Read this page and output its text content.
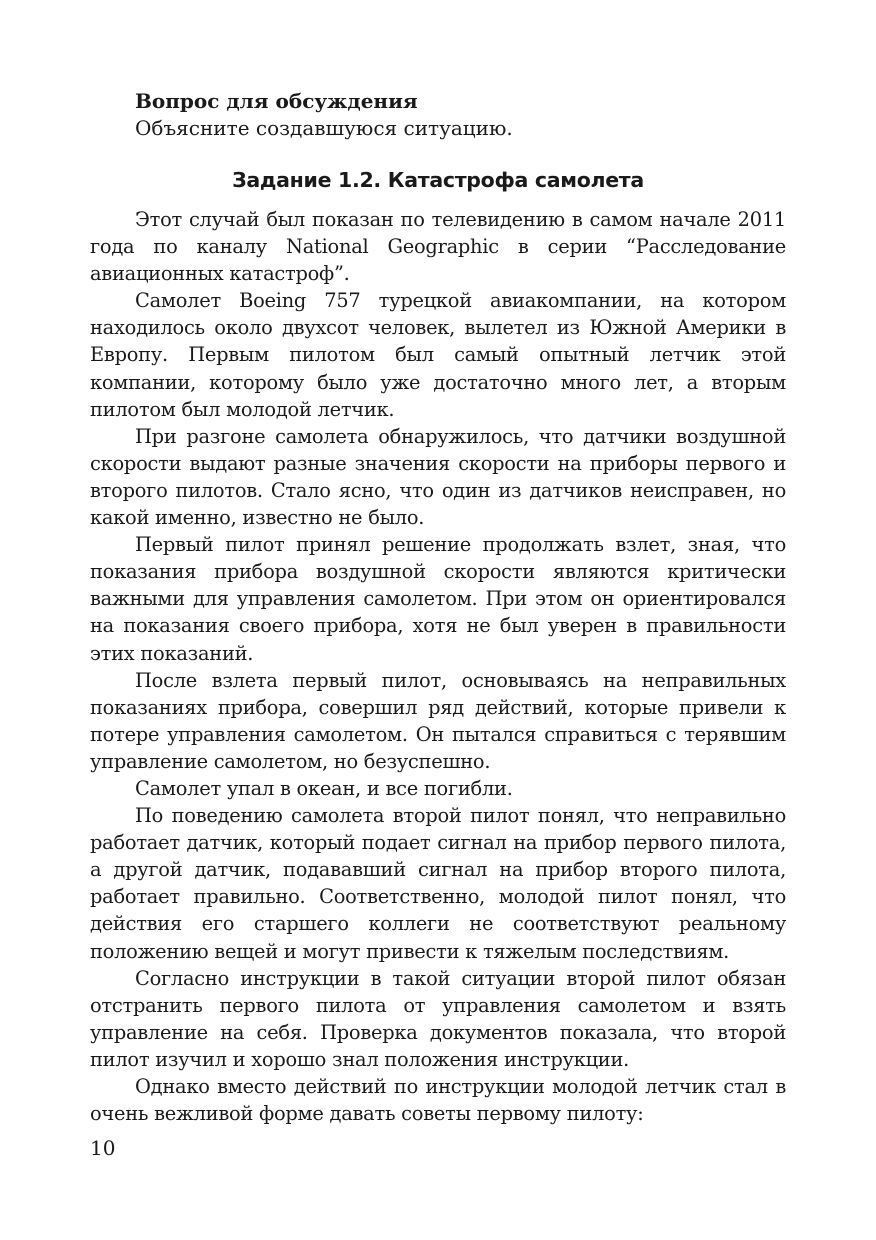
Вопрос для обсуждения
Объясните создавшуюся ситуацию.
Задание 1.2. Катастрофа самолета

Этот случай был показан по телевидению в самом начале 2011 года по каналу National Geographic в серии “Расследование авиационных катастроф”.

Самолет Boeing 757 турецкой авиакомпании, на котором находилось около двухсот человек, вылетел из Южной Америки в Европу. Первым пилотом был самый опытный летчик этой компании, которому было уже достаточно много лет, а вторым пилотом был молодой летчик.

При разгоне самолета обнаружилось, что датчики воздушной скорости выдают разные значения скорости на приборы первого и второго пилотов. Стало ясно, что один из датчиков неисправен, но какой именно, известно не было.

Первый пилот принял решение продолжать взлет, зная, что показания прибора воздушной скорости являются критически важными для управления самолетом. При этом он ориентировался на показания своего прибора, хотя не был уверен в правильности этих показаний.

После взлета первый пилот, основываясь на неправильных показаниях прибора, совершил ряд действий, которые привели к потере управления самолетом. Он пытался справиться с терявшим управление самолетом, но безуспешно.

Самолет упал в океан, и все погибли.

По поведению самолета второй пилот понял, что неправильно работает датчик, который подает сигнал на прибор первого пилота, а другой датчик, подававший сигнал на прибор второго пилота, работает правильно. Соответственно, молодой пилот понял, что действия его старшего коллеги не соответствуют реальному положению вещей и могут привести к тяжелым последствиям.

Согласно инструкции в такой ситуации второй пилот обязан отстранить первого пилота от управления самолетом и взять управление на себя. Проверка документов показала, что второй пилот изучил и хорошо знал положения инструкции.

Однако вместо действий по инструкции молодой летчик стал в очень вежливой форме давать советы первому пилоту:

10
